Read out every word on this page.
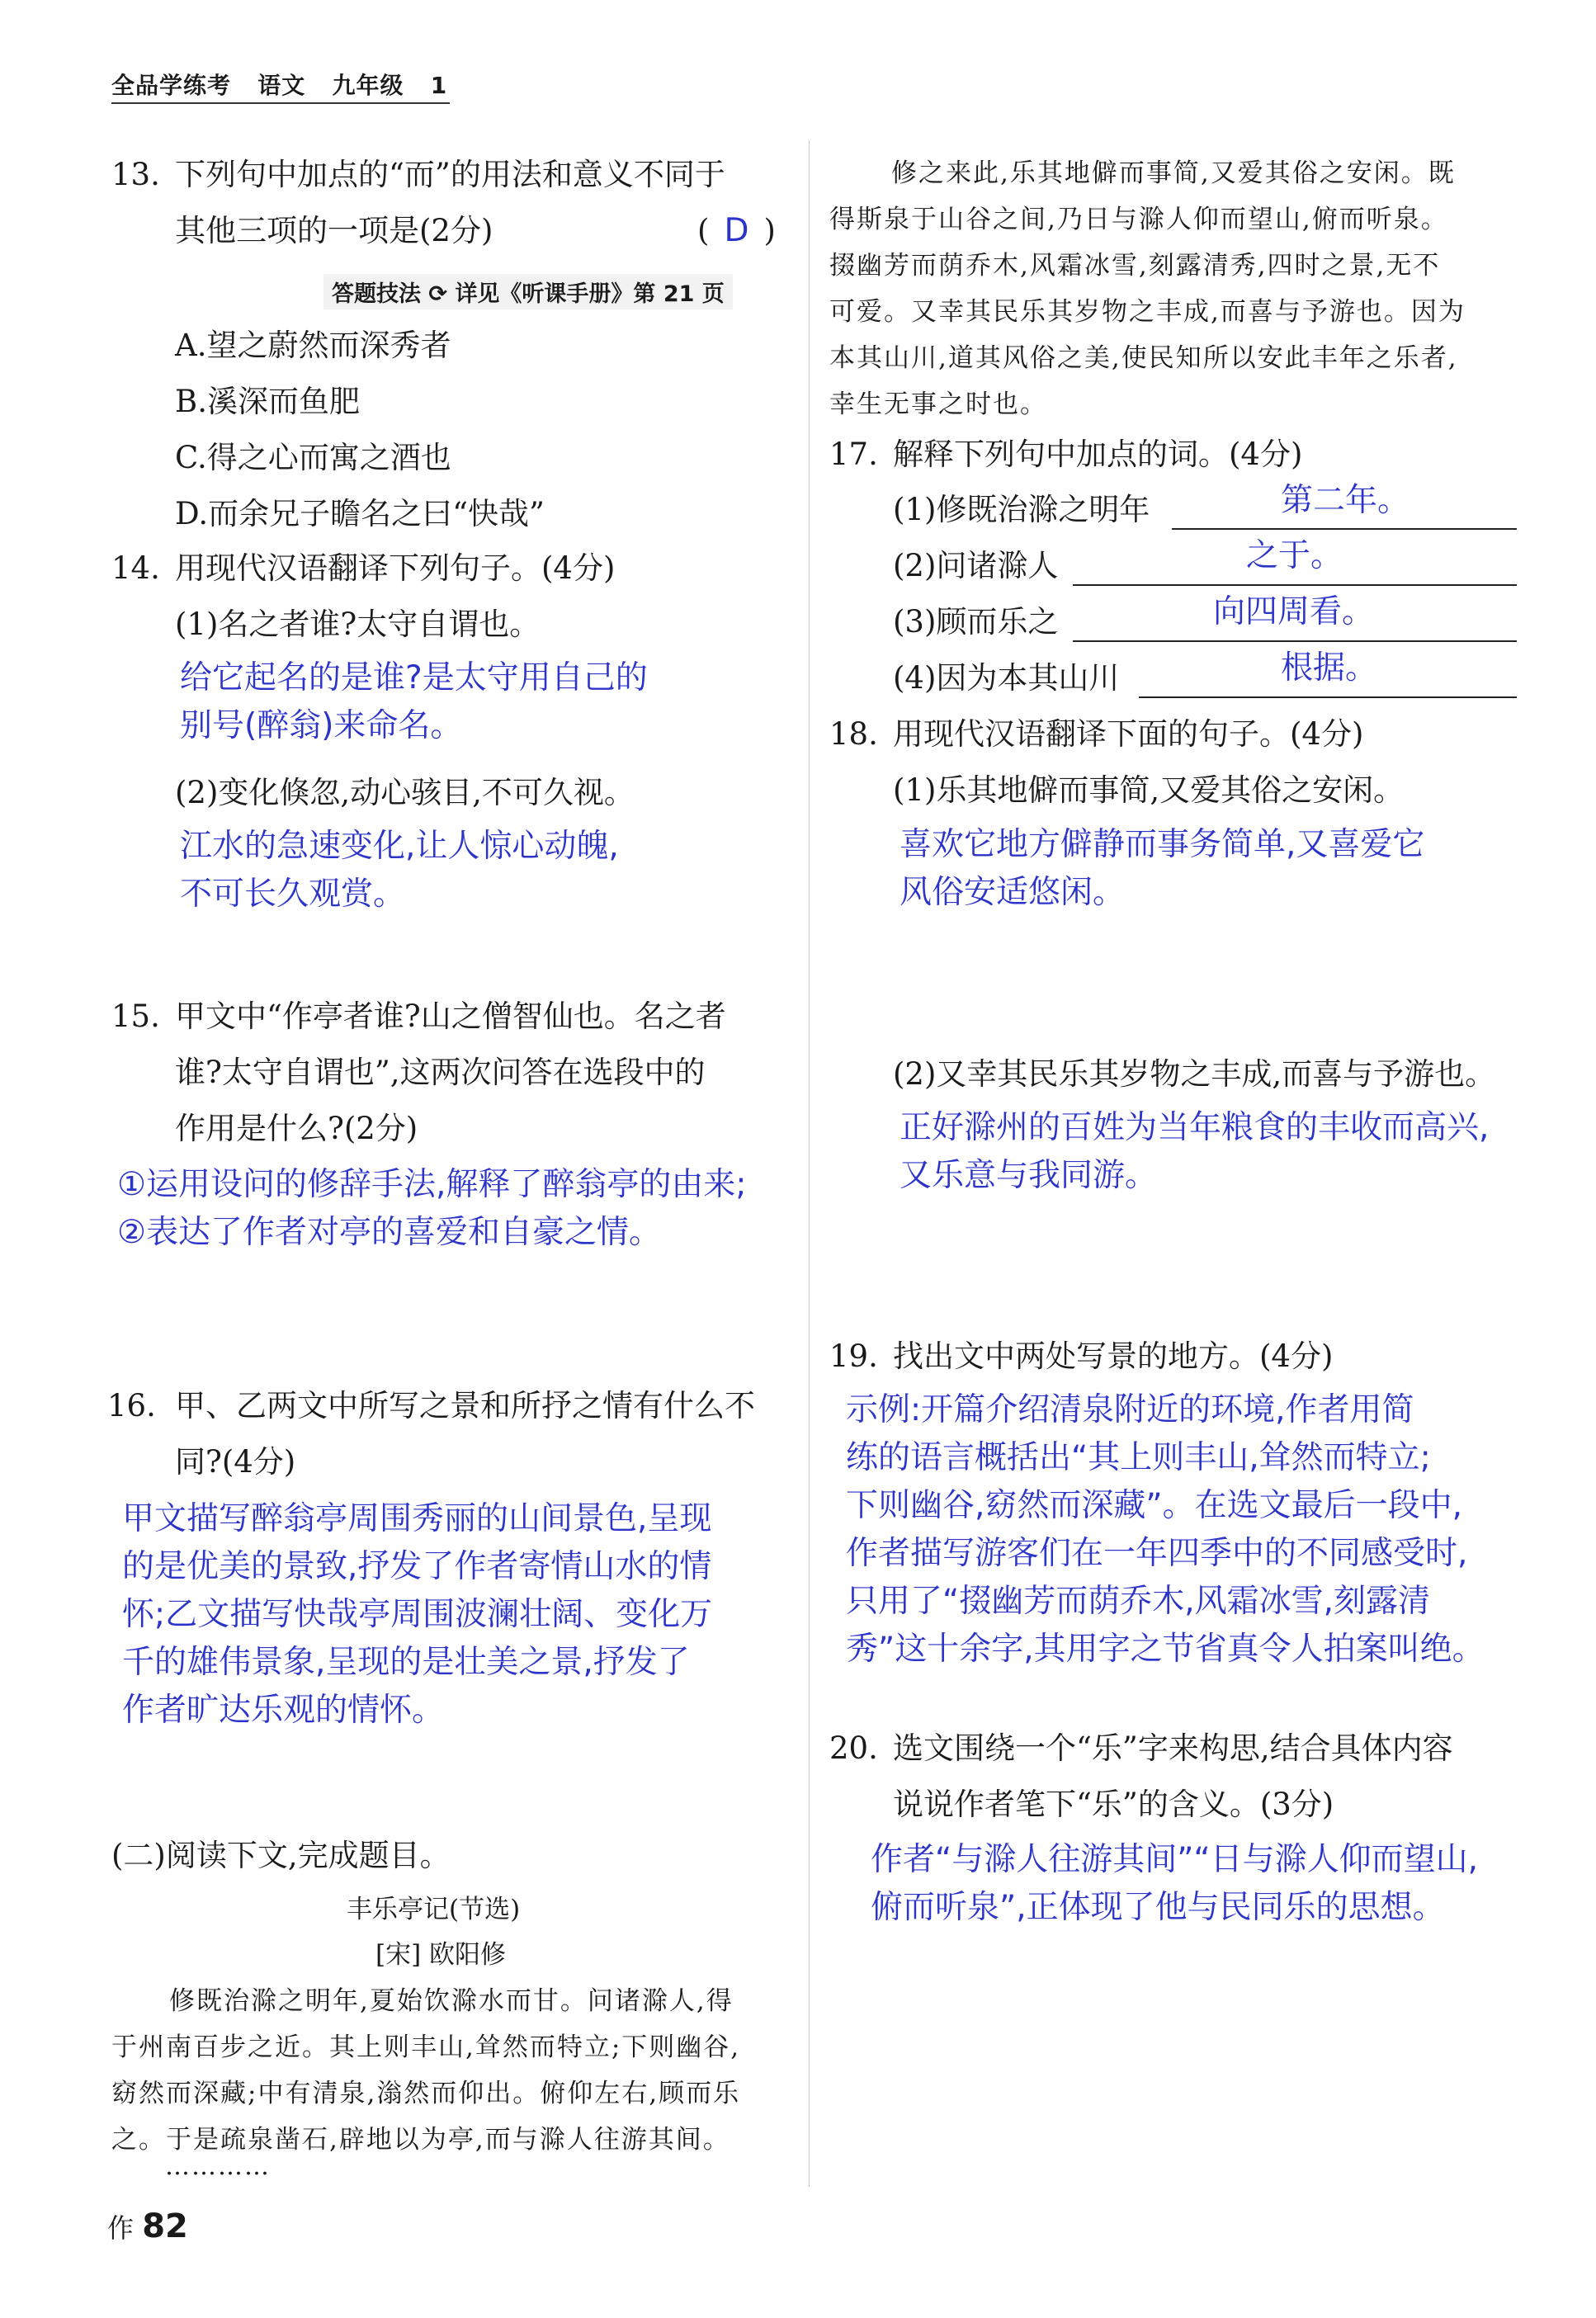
全品学练考 语文 九年级 1
13. 下列句中加点的“而”的用法和意义不同于
其他三项的一项是(2分)	( D )
答题技法 ⟳ 详见《听课手册》第 21 页
A.望之蔚然而深秀者
B.溪深而鱼肥
C.得之心而寓之酒也
D.而余兄子瞻名之曰“快哉”
14. 用现代汉语翻译下列句子。(4分)
(1)名之者谁?太守自谓也。
给它起名的是谁?是太守用自己的
别号(醉翁)来命名。
(2)变化倏忽,动心骇目,不可久视。
江水的急速变化,让人惊心动魄,
不可长久观赏。
15. 甲文中“作亭者谁?山之僧智仙也。名之者
谁?太守自谓也”,这两次问答在选段中的
作用是什么?(2分)
①运用设问的修辞手法,解释了醉翁亭的由来;
②表达了作者对亭的喜爱和自豪之情。
16. 甲、乙两文中所写之景和所抒之情有什么不
同?(4分)
甲文描写醉翁亭周围秀丽的山间景色,呈现
的是优美的景致,抒发了作者寄情山水的情
怀;乙文描写快哉亭周围波澜壮阔、变化万
千的雄伟景象,呈现的是壮美之景,抒发了
作者旷达乐观的情怀。
(二)阅读下文,完成题目。
丰乐亭记(节选)
[宋] 欧阳修
修既治滁之明年,夏始饮滁水而甘。问诸滁人,得
于州南百步之近。其上则丰山,耸然而特立;下则幽谷,
窈然而深藏;中有清泉,滃然而仰出。俯仰左右,顾而乐
之。于是疏泉凿石,辟地以为亭,而与滁人往游其间。
…………
作 82
修之来此,乐其地僻而事简,又爱其俗之安闲。既
得斯泉于山谷之间,乃日与滁人仰而望山,俯而听泉。
掇幽芳而荫乔木,风霜冰雪,刻露清秀,四时之景,无不
可爱。又幸其民乐其岁物之丰成,而喜与予游也。因为
本其山川,道其风俗之美,使民知所以安此丰年之乐者,
幸生无事之时也。
17. 解释下列句中加点的词。(4分)
(1)修既治滁之明年	第二年。
(2)问诸滁人	之于。
(3)顾而乐之	向四周看。
(4)因为本其山川	根据。
18. 用现代汉语翻译下面的句子。(4分)
(1)乐其地僻而事简,又爱其俗之安闲。
喜欢它地方僻静而事务简单,又喜爱它
风俗安适悠闲。
(2)又幸其民乐其岁物之丰成,而喜与予游也。
正好滁州的百姓为当年粮食的丰收而高兴,
又乐意与我同游。
19. 找出文中两处写景的地方。(4分)
示例:开篇介绍清泉附近的环境,作者用简
练的语言概括出“其上则丰山,耸然而特立;
下则幽谷,窈然而深藏”。在选文最后一段中,
作者描写游客们在一年四季中的不同感受时,
只用了“掇幽芳而荫乔木,风霜冰雪,刻露清
秀”这十余字,其用字之节省真令人拍案叫绝。
20. 选文围绕一个“乐”字来构思,结合具体内容
说说作者笔下“乐”的含义。(3分)
作者“与滁人往游其间”“日与滁人仰而望山,
俯而听泉”,正体现了他与民同乐的思想。
